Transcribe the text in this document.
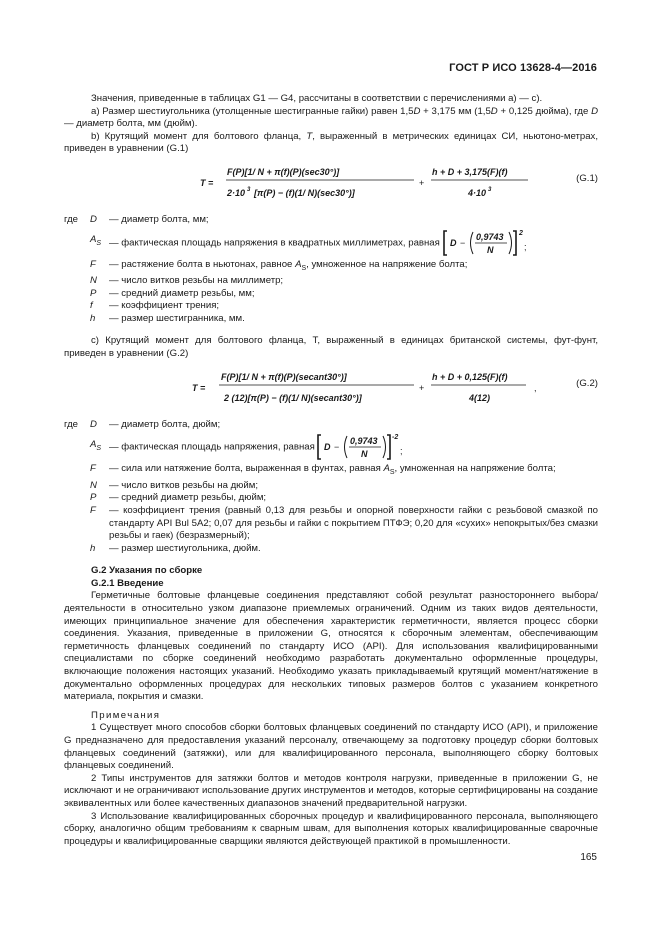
ГОСТ Р ИСО 13628-4—2016

Значения, приведенные в таблицах G1 — G4, рассчитаны в соответствии с перечислениями а) — с).

а) Размер шестиугольника (утолщенные шестигранные гайки) равен 1,5D + 3,175 мм (1,5D + 0,125 дюйма), где D — диаметр болта, мм (дюйм).

b) Крутящий момент для болтового фланца, T, выраженный в метрических единицах СИ, ньютоно-метрах, приведен в уравнении (G.1)

T =
F(P)[1/ N + π(f)(P)(sec30°)]
2·10 3 [π(P) − (f)(1/ N)(sec30°)]
+
h + D + 3,175(F)(f)
4·10 3
(G.1)
где	D	— диаметр болта, мм;
$A_S$ — фактическая площадь напряжения в квадратных миллиметрах, равная D −
0,9743
N
2
;
F	— растяжение болта в ньютонах, равное $A_S$, умноженное на напряжение болта;
N	— число витков резьбы на миллиметр;
P	— средний диаметр резьбы, мм;
f	— коэффициент трения;
h	— размер шестигранника, мм.

с) Крутящий момент для болтового фланца, Т, выраженный в единицах британской системы, фут-фунт, приведен в уравнении (G.2)

T =
F(P)[1/ N + π(f)(P)(secant30°)]
2 (12)[π(P) − (f)(1/ N)(secant30°)]
+
h + D + 0,125(F)(f)
4(12)
,	(G.2)
где	D	— диаметр болта, дюйм;
$A_S$ — фактическая площадь напряжения, равная D −
0,9743
N
-2
;
F	— сила или натяжение болта, выраженная в фунтах, равная $A_S$, умноженная на напряжение болта;
N	— число витков резьбы на дюйм;
P	— средний диаметр резьбы, дюйм;
F	— коэффициент трения (равный 0,13 для резьбы и опорной поверхности гайки с резьбовой смазкой по стандарту API Bul 5A2; 0,07 для резьбы и гайки с покрытием ПТФЭ; 0,20 для «сухих» непокрытых/без смазки резьбы и гаек) (безразмерный);
h	— размер шестиугольника, дюйм.
G.2 Указания по сборке
G.2.1 Введение

Герметичные болтовые фланцевые соединения представляют собой результат разностороннего выбора/деятельности в относительно узком диапазоне приемлемых ограничений. Одним из таких видов деятельности, имеющих принципиальное значение для обеспечения характеристик герметичности, является процесс сборки соединения. Указания, приведенные в приложении G, относятся к сборочным элементам, обеспечивающим герметичность фланцевых соединений по стандарту ИСО (API). Для использования квалифицированными специалистами по сборке соединений необходимо разработать документально оформленные процедуры, включающие положения настоящих указаний. Необходимо указать прикладываемый крутящий момент/натяжение в документально оформленных процедурах для нескольких типовых размеров болтов с указанием конкретного материала, покрытия и смазки.

Примечания

1 Существует много способов сборки болтовых фланцевых соединений по стандарту ИСО (API), и приложение G предназначено для предоставления указаний персоналу, отвечающему за подготовку процедур сборки болтовых фланцевых соединений (затяжки), или для квалифицированного персонала, выполняющего сборку болтовых фланцевых соединений.

2 Типы инструментов для затяжки болтов и методов контроля нагрузки, приведенные в приложении G, не исключают и не ограничивают использование других инструментов и методов, которые сертифицированы на создание эквивалентных или более качественных диапазонов значений предварительной нагрузки.

3 Использование квалифицированных сборочных процедур и квалифицированного персонала, выполняющего сборку, аналогично общим требованиям к сварным швам, для выполнения которых квалифицированные сварочные процедуры и квалифицированные сварщики являются действующей практикой в промышленности.

165
